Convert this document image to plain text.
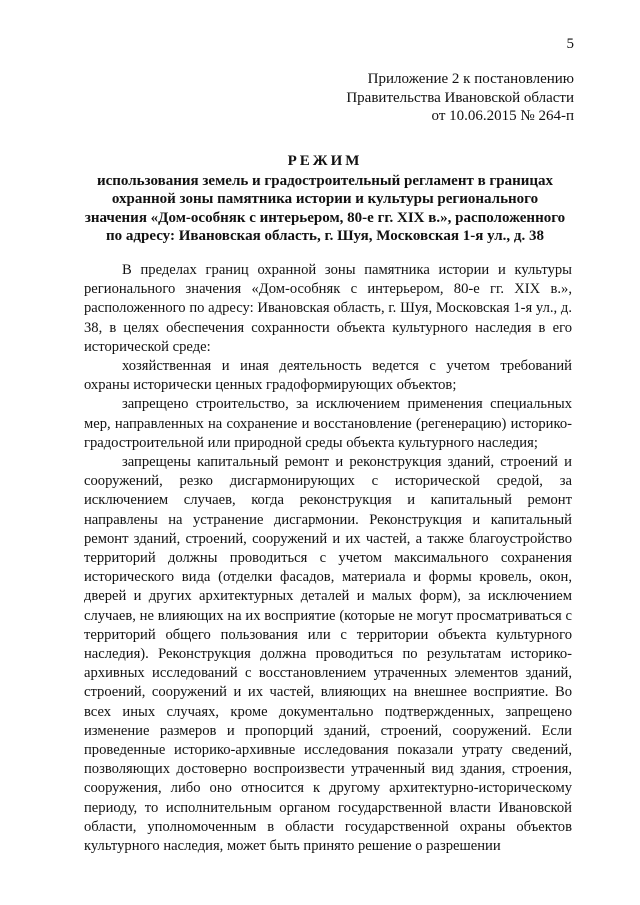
5
Приложение 2 к постановлению
Правительства Ивановской области
от 10.06.2015 № 264-п
РЕЖИМ
использования земель и градостроительный регламент в границах
охранной зоны памятника истории и культуры регионального
значения «Дом-особняк с интерьером, 80-е гг. XIX в.», расположенного
по адресу: Ивановская область, г. Шуя, Московская 1-я ул., д. 38

В пределах границ охранной зоны памятника истории и культуры регионального значения «Дом-особняк с интерьером, 80-е гг. XIX в.», расположенного по адресу: Ивановская область, г. Шуя, Московская 1-я ул., д. 38, в целях обеспечения сохранности объекта культурного наследия в его исторической среде:

хозяйственная и иная деятельность ведется с учетом требований охраны исторически ценных градоформирующих объектов;

запрещено строительство, за исключением применения специальных мер, направленных на сохранение и восстановление (регенерацию) историко-градостроительной или природной среды объекта культурного наследия;

запрещены капитальный ремонт и реконструкция зданий, строений и сооружений, резко дисгармонирующих с исторической средой, за исключением случаев, когда реконструкция и капитальный ремонт направлены на устранение дисгармонии. Реконструкция и капитальный ремонт зданий, строений, сооружений и их частей, а также благоустройство территорий должны проводиться с учетом максимального сохранения исторического вида (отделки фасадов, материала и формы кровель, окон, дверей и других архитектурных деталей и малых форм), за исключением случаев, не влияющих на их восприятие (которые не могут просматриваться с территорий общего пользования или с территории объекта культурного наследия). Реконструкция должна проводиться по результатам историко-архивных исследований с восстановлением утраченных элементов зданий, строений, сооружений и их частей, влияющих на внешнее восприятие. Во всех иных случаях, кроме документально подтвержденных, запрещено изменение размеров и пропорций зданий, строений, сооружений. Если проведенные историко-архивные исследования показали утрату сведений, позволяющих достоверно воспроизвести утраченный вид здания, строения, сооружения, либо оно относится к другому архитектурно-историческому периоду, то исполнительным органом государственной власти Ивановской области, уполномоченным в области государственной охраны объектов культурного наследия, может быть принято решение о разрешении
